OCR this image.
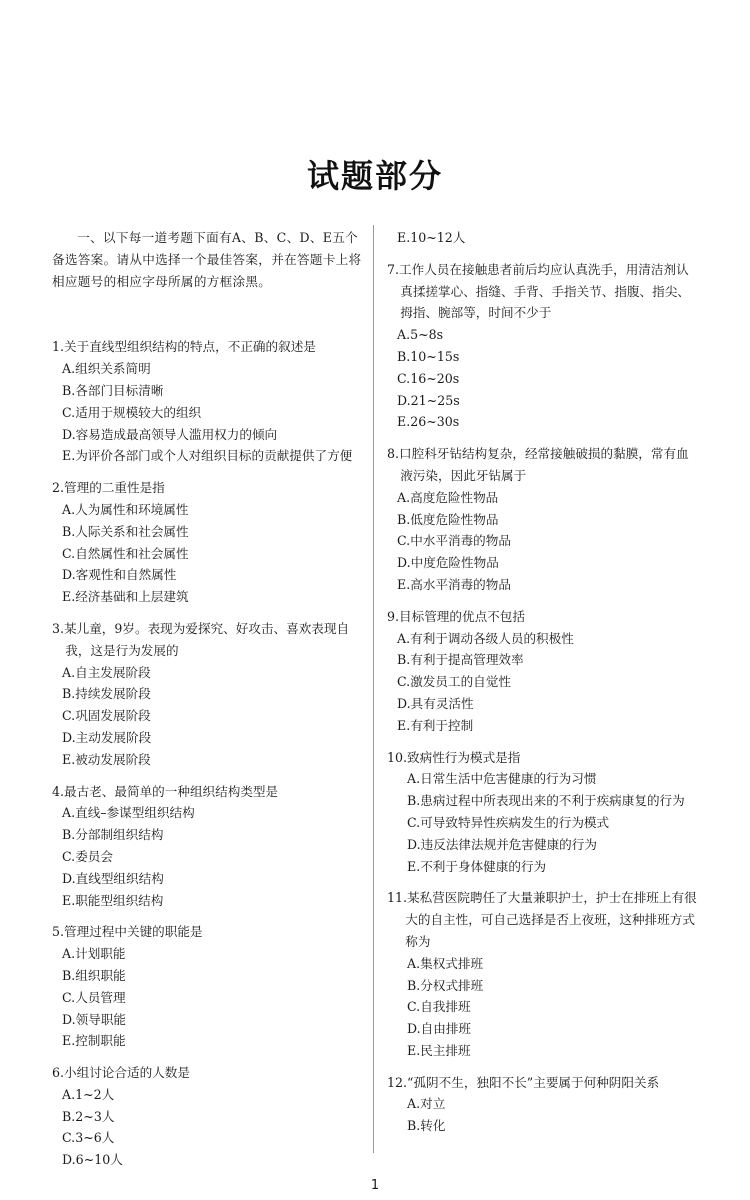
试题部分

一、以下每一道考题下面有A、B、C、D、E五个备选答案。请从中选择一个最佳答案，并在答题卡上将相应题号的相应字母所属的方框涂黑。

1.关于直线型组织结构的特点，不正确的叙述是
A.组织关系简明
B.各部门目标清晰
C.适用于规模较大的组织
D.容易造成最高领导人滥用权力的倾向
E.为评价各部门或个人对组织目标的贡献提供了方便
2.管理的二重性是指
A.人为属性和环境属性
B.人际关系和社会属性
C.自然属性和社会属性
D.客观性和自然属性
E.经济基础和上层建筑
3.某儿童，9岁。表现为爱探究、好攻击、喜欢表现自我，这是行为发展的
A.自主发展阶段
B.持续发展阶段
C.巩固发展阶段
D.主动发展阶段
E.被动发展阶段
4.最古老、最简单的一种组织结构类型是
A.直线–参谋型组织结构
B.分部制组织结构
C.委员会
D.直线型组织结构
E.职能型组织结构
5.管理过程中关键的职能是
A.计划职能
B.组织职能
C.人员管理
D.领导职能
E.控制职能
6.小组讨论合适的人数是
A.1~2人
B.2~3人
C.3~6人
D.6~10人
E.10~12人
7.工作人员在接触患者前后均应认真洗手，用清洁剂认真揉搓掌心、指缝、手背、手指关节、指腹、指尖、拇指、腕部等，时间不少于
A.5~8s
B.10~15s
C.16~20s
D.21~25s
E.26~30s
8.口腔科牙钻结构复杂，经常接触破损的黏膜，常有血液污染，因此牙钻属于
A.高度危险性物品
B.低度危险性物品
C.中水平消毒的物品
D.中度危险性物品
E.高水平消毒的物品
9.目标管理的优点不包括
A.有利于调动各级人员的积极性
B.有利于提高管理效率
C.激发员工的自觉性
D.具有灵活性
E.有利于控制
10.致病性行为模式是指
A.日常生活中危害健康的行为习惯
B.患病过程中所表现出来的不利于疾病康复的行为
C.可导致特异性疾病发生的行为模式
D.违反法律法规并危害健康的行为
E.不利于身体健康的行为
11.某私营医院聘任了大量兼职护士，护士在排班上有很大的自主性，可自己选择是否上夜班，这种排班方式称为
A.集权式排班
B.分权式排班
C.自我排班
D.自由排班
E.民主排班
12.“孤阴不生，独阳不长”主要属于何种阴阳关系
A.对立
B.转化
1
